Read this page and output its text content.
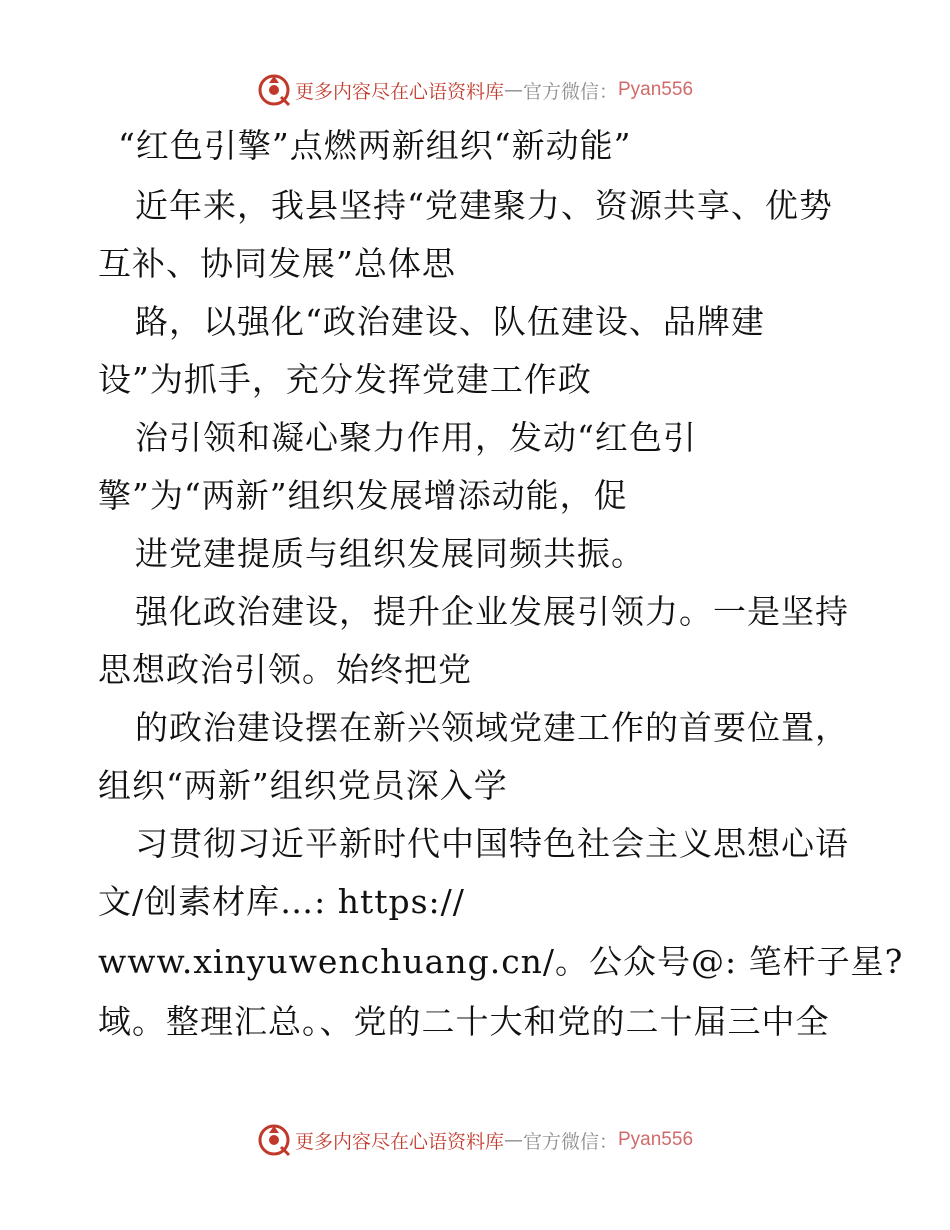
更多内容尽在心语资料库 — 官方微信： Pyan556
“红色引擎”点燃两新组织“新动能”
近年来，我县坚持“党建聚力、资源共享、优势
互补、协同发展”总体思
路，以强化“政治建设、队伍建设、品牌建
设”为抓手，充分发挥党建工作政
治引领和凝心聚力作用，发动“红色引
擎”为“两新”组织发展增添动能，促
进党建提质与组织发展同频共振。
强化政治建设，提升企业发展引领力。一是坚持
思想政治引领。始终把党
的政治建设摆在新兴领域党建工作的首要位置，
组织“两新”组织党员深入学
习贯彻习近平新时代中国特色社会主义思想心语
文/创素材库…: https://
www.xinyuwenchuang.cn/。公众号@: 笔杆子星?
域。整理汇总。、党的二十大和党的二十届三中全
更多内容尽在心语资料库 — 官方微信： Pyan556
